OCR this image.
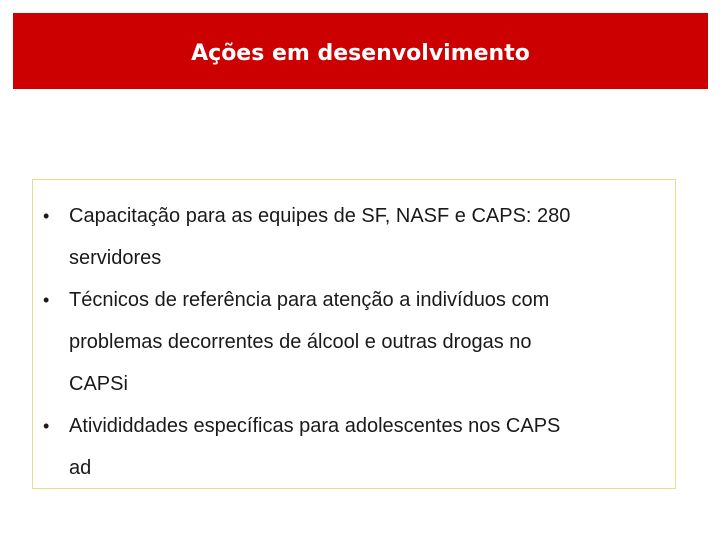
Ações em desenvolvimento
• Capacitação para as equipes de SF, NASF e CAPS: 280
servidores
• Técnicos de referência para atenção a indivíduos com
problemas decorrentes de álcool e outras drogas no
CAPSi
• Ativididdades específicas para adolescentes nos CAPS
ad
